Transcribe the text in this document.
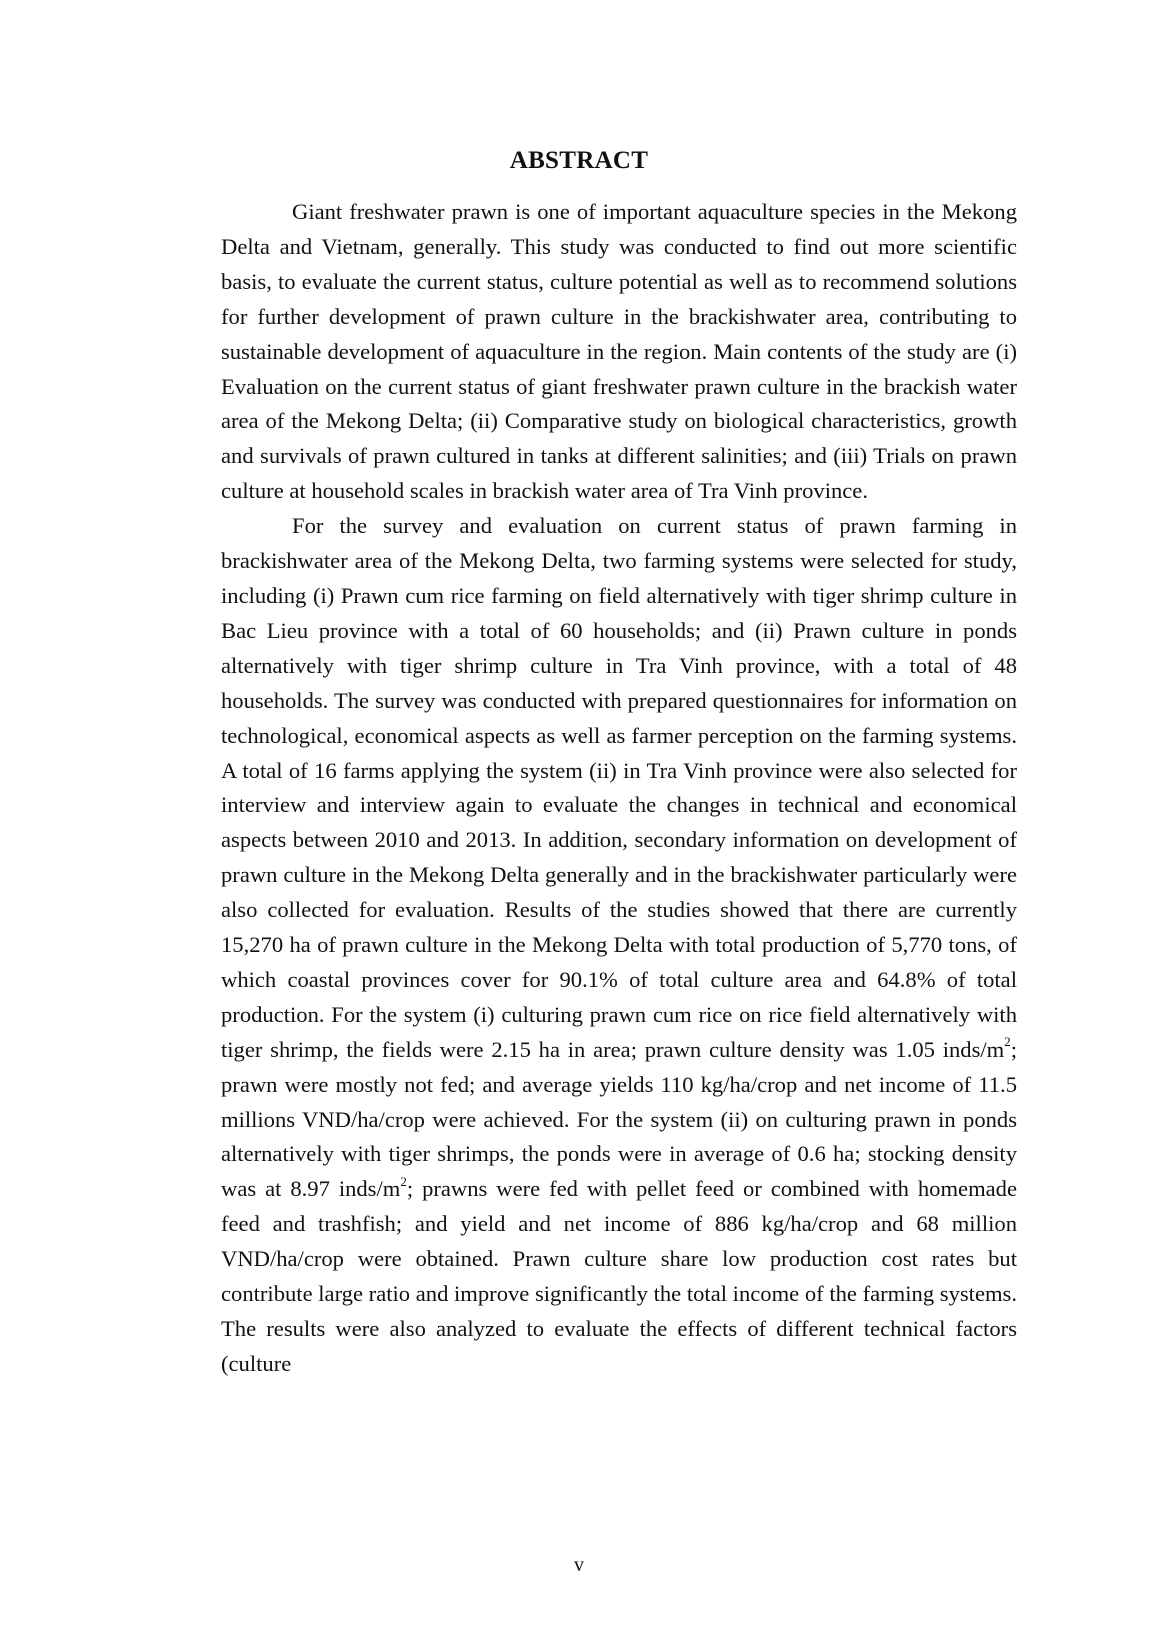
ABSTRACT

Giant freshwater prawn is one of important aquaculture species in the Mekong Delta and Vietnam, generally. This study was conducted to find out more scientific basis, to evaluate the current status, culture potential as well as to recommend solutions for further development of prawn culture in the brackishwater area, contributing to sustainable development of aquaculture in the region. Main contents of the study are (i) Evaluation on the current status of giant freshwater prawn culture in the brackish water area of the Mekong Delta; (ii) Comparative study on biological characteristics, growth and survivals of prawn cultured in tanks at different salinities; and (iii) Trials on prawn culture at household scales in brackish water area of Tra Vinh province.

For the survey and evaluation on current status of prawn farming in brackishwater area of the Mekong Delta, two farming systems were selected for study, including (i) Prawn cum rice farming on field alternatively with tiger shrimp culture in Bac Lieu province with a total of 60 households; and (ii) Prawn culture in ponds alternatively with tiger shrimp culture in Tra Vinh province, with a total of 48 households. The survey was conducted with prepared questionnaires for information on technological, economical aspects as well as farmer perception on the farming systems. A total of 16 farms applying the system (ii) in Tra Vinh province were also selected for interview and interview again to evaluate the changes in technical and economical aspects between 2010 and 2013. In addition, secondary information on development of prawn culture in the Mekong Delta generally and in the brackishwater particularly were also collected for evaluation. Results of the studies showed that there are currently 15,270 ha of prawn culture in the Mekong Delta with total production of 5,770 tons, of which coastal provinces cover for 90.1% of total culture area and 64.8% of total production. For the system (i) culturing prawn cum rice on rice field alternatively with tiger shrimp, the fields were 2.15 ha in area; prawn culture density was 1.05 inds/$m^2$; prawn were mostly not fed; and average yields 110 kg/ha/crop and net income of 11.5 millions VND/ha/crop were achieved. For the system (ii) on culturing prawn in ponds alternatively with tiger shrimps, the ponds were in average of 0.6 ha; stocking density was at 8.97 inds/$m^2$; prawns were fed with pellet feed or combined with homemade feed and trashfish; and yield and net income of 886 kg/ha/crop and 68 million VND/ha/crop were obtained. Prawn culture share low production cost rates but contribute large ratio and improve significantly the total income of the farming systems. The results were also analyzed to evaluate the effects of different technical factors (culture

v
